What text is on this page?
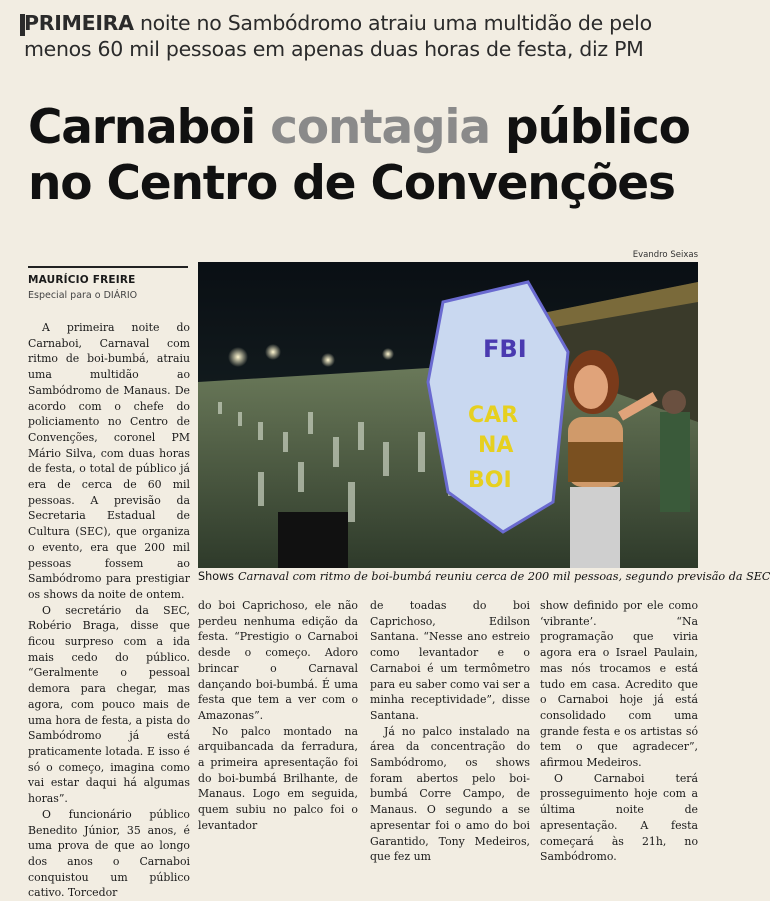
PRIMEIRA noite no Sambódromo atraiu uma multidão de pelo menos 60 mil pessoas em apenas duas horas de festa, diz PM
Carnaboi contagia público no Centro de Convenções
MAURÍCIO FREIRE
Especial para o DIÁRIO
Evandro Seixas
FBI
CAR
NA
BOI
Shows Carnaval com ritmo de boi-bumbá reuniu cerca de 200 mil pessoas, segundo previsão da SEC

A primeira noite do Carnaboi, Carnaval com ritmo de boi-bumbá, atraiu uma multidão ao Sambódromo de Manaus. De acordo com o chefe do policiamento no Centro de Convenções, coronel PM Mário Silva, com duas horas de festa, o total de público já era de cerca de 60 mil pessoas. A previsão da Secretaria Estadual de Cultura (SEC), que organiza o evento, era que 200 mil pessoas fossem ao Sambódromo para prestigiar os shows da noite de ontem.

O secretário da SEC, Robério Braga, disse que ficou surpreso com a ida mais cedo do público. “Geralmente o pessoal demora para chegar, mas agora, com pouco mais de uma hora de festa, a pista do Sambódromo já está praticamente lotada. E isso é só o começo, imagina como vai estar daqui há algumas horas”.

O funcionário público Benedito Júnior, 35 anos, é uma prova de que ao longo dos anos o Carnaboi conquistou um público cativo. Torcedor

do boi Caprichoso, ele não perdeu nenhuma edição da festa. “Prestigio o Carnaboi desde o começo. Adoro brincar o Carnaval dançando boi-bumbá. É uma festa que tem a ver com o Amazonas”.

No palco montado na arquibancada da ferradura, a primeira apresentação foi do boi-bumbá Brilhante, de Manaus. Logo em seguida, quem subiu no palco foi o levantador

de toadas do boi Caprichoso, Edilson Santana. “Nesse ano estreio como levantador e o Carnaboi é um termômetro para eu saber como vai ser a minha receptividade”, disse Santana.

Já no palco instalado na área da concentração do Sambódromo, os shows foram abertos pelo boi-bumbá Corre Campo, de Manaus. O segundo a se apresentar foi o amo do boi Garantido, Tony Medeiros, que fez um

show definido por ele como ‘vibrante’. “Na programação que viria agora era o Israel Paulain, mas nós trocamos e está tudo em casa. Acredito que o Carnaboi hoje já está consolidado com uma grande festa e os artistas só tem o que agradecer”, afirmou Medeiros.

O Carnaboi terá prosseguimento hoje com a última noite de apresentação. A festa começará às 21h, no Sambódromo.
